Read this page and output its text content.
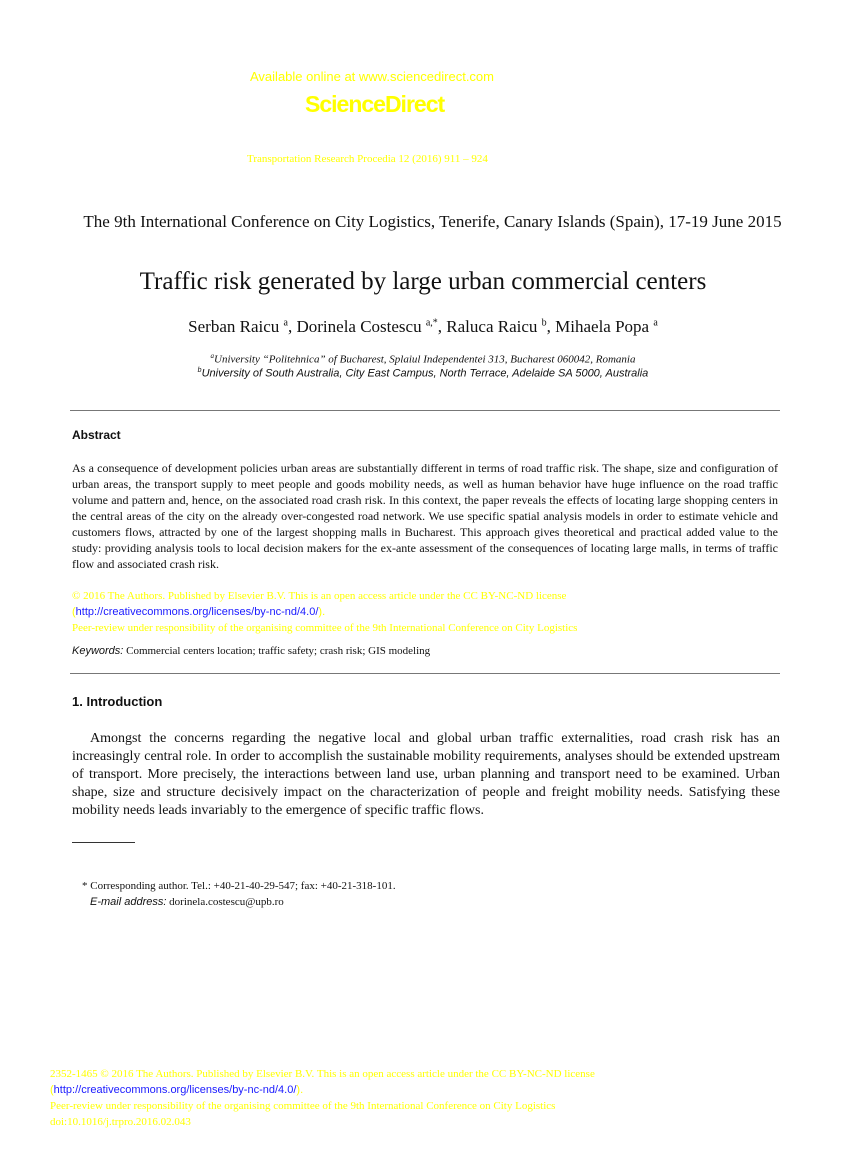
Available online at www.sciencedirect.com
ScienceDirect
Transportation Research Procedia 12 (2016) 911 – 924
The 9th International Conference on City Logistics, Tenerife, Canary Islands (Spain), 17-19 June 2015
Traffic risk generated by large urban commercial centers
Serban Raicu $^a$, Dorinela Costescu $^{a,*}$, Raluca Raicu $^b$, Mihaela Popa $^a$
$^a$University “Politehnica” of Bucharest, Splaiul Independentei 313, Bucharest 060042, Romania
$^b$University of South Australia, City East Campus, North Terrace, Adelaide SA 5000, Australia
Abstract
As a consequence of development policies urban areas are substantially different in terms of road traffic risk. The shape, size and configuration of urban areas, the transport supply to meet people and goods mobility needs, as well as human behavior have huge influence on the road traffic volume and pattern and, hence, on the associated road crash risk. In this context, the paper reveals the effects of locating large shopping centers in the central areas of the city on the already over-congested road network. We use specific spatial analysis models in order to estimate vehicle and customers flows, attracted by one of the largest shopping malls in Bucharest. This approach gives theoretical and practical added value to the study: providing analysis tools to local decision makers for the ex-ante assessment of the consequences of locating large malls, in terms of traffic flow and associated crash risk.
© 2016 The Authors. Published by Elsevier B.V. This is an open access article under the CC BY-NC-ND license
(http://creativecommons.org/licenses/by-nc-nd/4.0/).
Peer-review under responsibility of the organising committee of the 9th International Conference on City Logistics
Keywords: Commercial centers location; traffic safety; crash risk; GIS modeling
1. Introduction
Amongst the concerns regarding the negative local and global urban traffic externalities, road crash risk has an increasingly central role. In order to accomplish the sustainable mobility requirements, analyses should be extended upstream of transport. More precisely, the interactions between land use, urban planning and transport need to be examined. Urban shape, size and structure decisively impact on the characterization of people and freight mobility needs. Satisfying these mobility needs leads invariably to the emergence of specific traffic flows.
* Corresponding author. Tel.: +40-21-40-29-547; fax: +40-21-318-101.
E-mail address: dorinela.costescu@upb.ro
2352-1465 © 2016 The Authors. Published by Elsevier B.V. This is an open access article under the CC BY-NC-ND license
(http://creativecommons.org/licenses/by-nc-nd/4.0/).
Peer-review under responsibility of the organising committee of the 9th International Conference on City Logistics
doi:10.1016/j.trpro.2016.02.043
